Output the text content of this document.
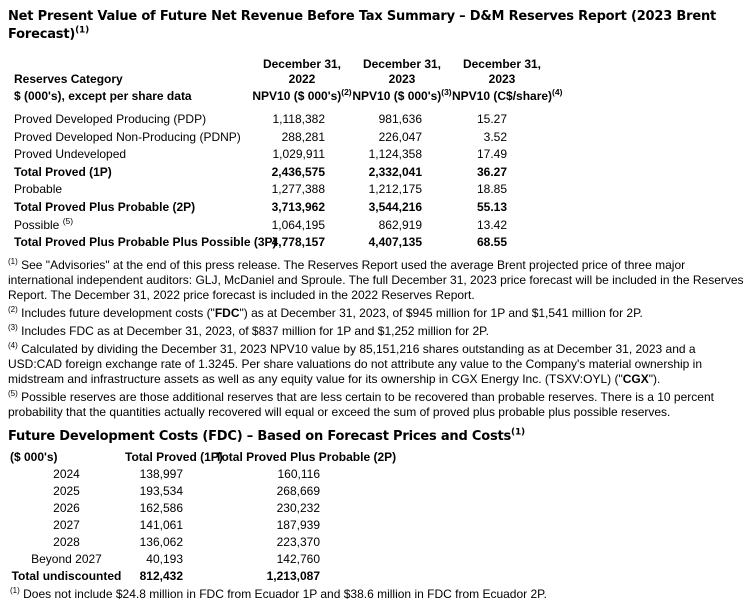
Net Present Value of Future Net Revenue Before Tax Summary – D&M Reserves Report (2023 Brent Forecast)$^{(1)}$
	December 31,	December 31,	December 31,
Reserves Category	2022	2023	2023
$ (000's), except per share data	NPV10 ($ 000's)$^{(2)}$	NPV10 ($ 000's)$^{(3)}$	NPV10 (C$/share)$^{(4)}$
Proved Developed Producing (PDP)	1,118,382	981,636	15.27
Proved Developed Non-Producing (PDNP)	288,281	226,047	3.52
Proved Undeveloped	1,029,911	1,124,358	17.49
Total Proved (1P)	2,436,575	2,332,041	36.27
Probable	1,277,388	1,212,175	18.85
Total Proved Plus Probable (2P)	3,713,962	3,544,216	55.13
Possible $^{(5)}$	1,064,195	862,919	13.42
Total Proved Plus Probable Plus Possible (3P)	4,778,157	4,407,135	68.55

$^{(1)}$ See "Advisories" at the end of this press release. The Reserves Report used the average Brent projected price of three major international independent auditors: GLJ, McDaniel and Sproule. The full December 31, 2023 price forecast will be included in the Reserves Report. The December 31, 2022 price forecast is included in the 2022 Reserves Report.

$^{(2)}$ Includes future development costs ("FDC") as at December 31, 2023, of $945 million for 1P and $1,541 million for 2P.

$^{(3)}$ Includes FDC as at December 31, 2023, of $837 million for 1P and $1,252 million for 2P.

$^{(4)}$ Calculated by dividing the December 31, 2023 NPV10 value by 85,151,216 shares outstanding as at December 31, 2023 and a USD:CAD foreign exchange rate of 1.3245. Per share valuations do not attribute any value to the Company's material ownership in midstream and infrastructure assets as well as any equity value for its ownership in CGX Energy Inc. (TSXV:OYL) ("CGX").

$^{(5)}$ Possible reserves are those additional reserves that are less certain to be recovered than probable reserves. There is a 10 percent probability that the quantities actually recovered will equal or exceed the sum of proved plus probable plus possible reserves.

Future Development Costs (FDC) – Based on Forecast Prices and Costs$^{(1)}$
($ 000's)	Total Proved (1P)	Total Proved Plus Probable (2P)
2024	138,997	160,116
2025	193,534	268,669
2026	162,586	230,232
2027	141,061	187,939
2028	136,062	223,370
Beyond 2027	40,193	142,760
Total undiscounted	812,432	1,213,087

$^{(1)}$ Does not include $24.8 million in FDC from Ecuador 1P and $38.6 million in FDC from Ecuador 2P.
